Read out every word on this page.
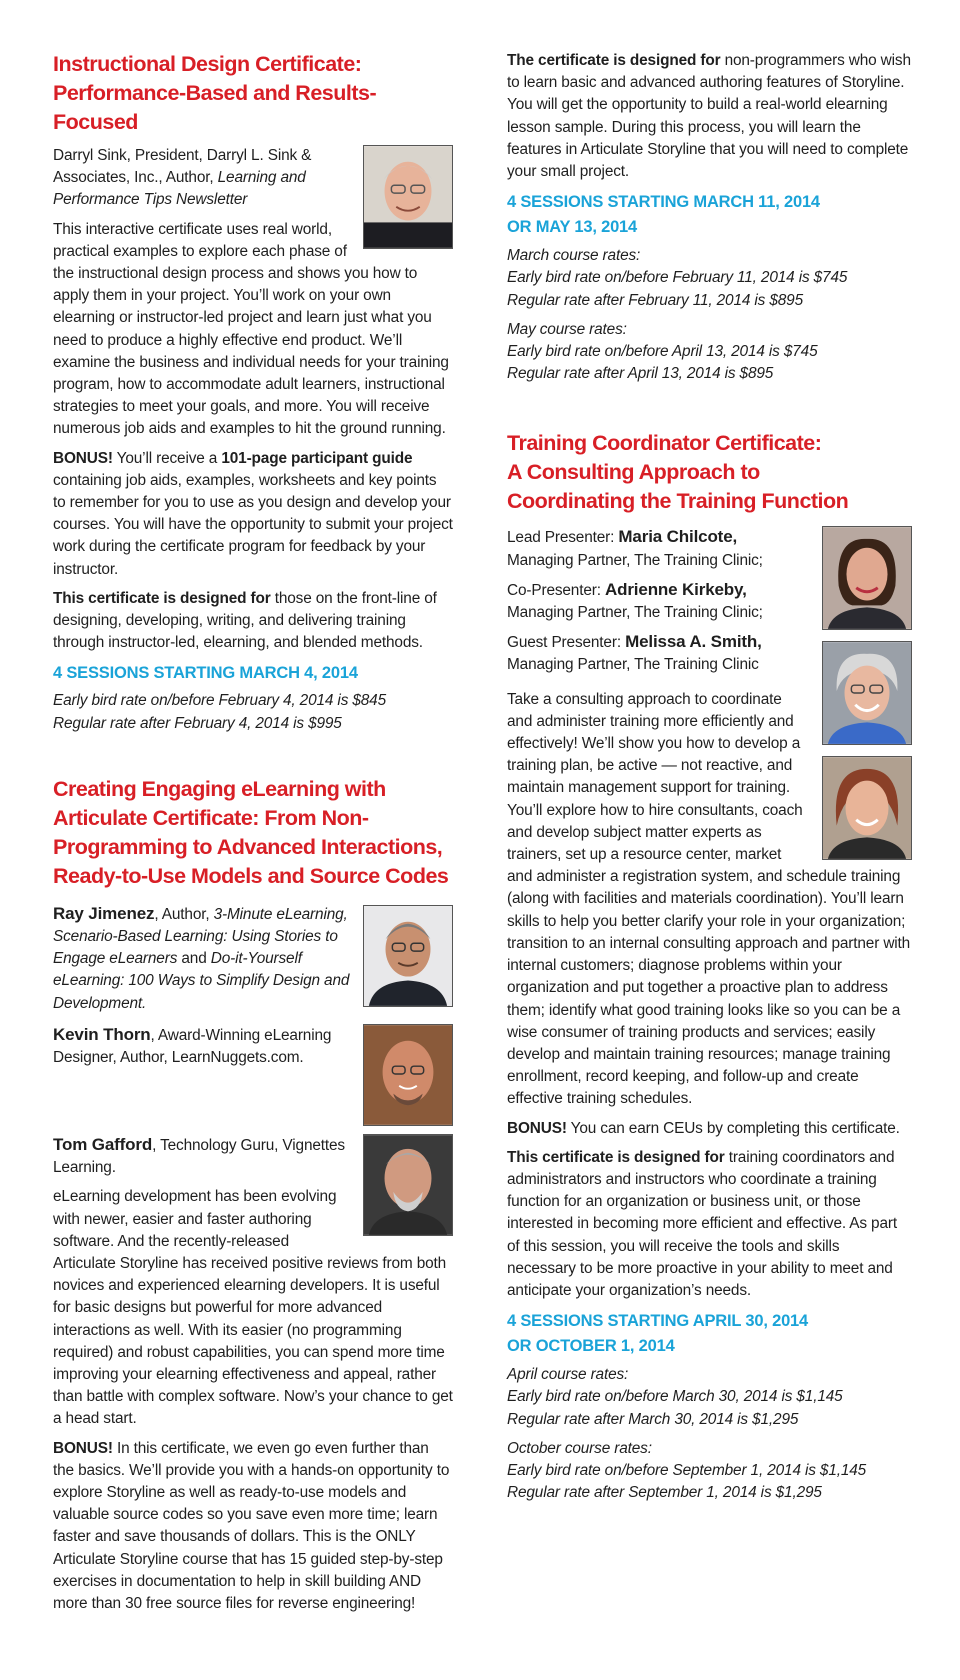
Instructional Design Certificate:
Performance-Based and Results-Focused

Darryl Sink, President, Darryl L. Sink & Associates, Inc., Author, Learning and Performance Tips Newsletter

This interactive certificate uses real world, practical examples to explore each phase of the instructional design process and shows you how to apply them in your project. You’ll work on your own elearning or instructor-led project and learn just what you need to produce a highly effective end product. We’ll examine the business and individual needs for your training program, how to accommodate adult learners, instructional strategies to meet your goals, and more. You will receive numerous job aids and examples to hit the ground running.

BONUS! You’ll receive a 101-page participant guide containing job aids, examples, worksheets and key points to remember for you to use as you design and develop your courses. You will have the opportunity to submit your project work during the certificate program for feedback by your instructor.

This certificate is designed for those on the front-line of designing, developing, writing, and delivering training through instructor-led, elearning, and blended methods.

4 SESSIONS STARTING MARCH 4, 2014
Early bird rate on/before February 4, 2014 is $845
Regular rate after February 4, 2014 is $995
Creating Engaging eLearning with
Articulate Certificate: From Non-
Programming to Advanced Interactions,
Ready-to-Use Models and Source Codes

Ray Jimenez, Author, 3-Minute eLearning, Scenario-Based Learning: Using Stories to Engage eLearners and Do-it-Yourself eLearning: 100 Ways to Simplify Design and Development.

Kevin Thorn, Award-Winning eLearning Designer, Author, LearnNuggets.com.

Tom Gafford, Technology Guru, Vignettes Learning.

eLearning development has been evolving with newer, easier and faster authoring software. And the recently-released Articulate Storyline has received positive reviews from both novices and experienced elearning developers. It is useful for basic designs but powerful for more advanced interactions as well. With its easier (no programming required) and robust capabilities, you can spend more time improving your elearning effectiveness and appeal, rather than battle with complex software. Now’s your chance to get a head start.

BONUS! In this certificate, we even go even further than the basics. We’ll provide you with a hands-on opportunity to explore Storyline as well as ready-to-use models and valuable source codes so you save even more time; learn faster and save thousands of dollars. This is the ONLY Articulate Storyline course that has 15 guided step-by-step exercises in documentation to help in skill building AND more than 30 free source files for reverse engineering!

The certificate is designed for non-programmers who wish to learn basic and advanced authoring features of Storyline. You will get the opportunity to build a real-world elearning lesson sample. During this process, you will learn the features in Articulate Storyline that you will need to complete your small project.

4 SESSIONS STARTING MARCH 11, 2014
OR MAY 13, 2014
March course rates:
Early bird rate on/before February 11, 2014 is $745
Regular rate after February 11, 2014 is $895
May course rates:
Early bird rate on/before April 13, 2014 is $745
Regular rate after April 13, 2014 is $895
Training Coordinator Certificate:
A Consulting Approach to
Coordinating the Training Function

Lead Presenter: Maria Chilcote,
Managing Partner, The Training Clinic;

Co-Presenter: Adrienne Kirkeby,
Managing Partner, The Training Clinic;

Guest Presenter: Melissa A. Smith,
Managing Partner, The Training Clinic

Take a consulting approach to coordinate and administer training more efficiently and effectively! We’ll show you how to develop a training plan, be active — not reactive, and maintain management support for training. You’ll explore how to hire consultants, coach and develop subject matter experts as trainers, set up a resource center, market and administer a registration system, and schedule training (along with facilities and materials coordination). You’ll learn skills to help you better clarify your role in your organization; transition to an internal consulting approach and partner with internal customers; diagnose problems within your organization and put together a proactive plan to address them; identify what good training looks like so you can be a wise consumer of training products and services; easily develop and maintain training resources; manage training enrollment, record keeping, and follow-up and create effective training schedules.

BONUS! You can earn CEUs by completing this certificate.

This certificate is designed for training coordinators and administrators and instructors who coordinate a training function for an organization or business unit, or those interested in becoming more efficient and effective. As part of this session, you will receive the tools and skills necessary to be more proactive in your ability to meet and anticipate your organization’s needs.

4 SESSIONS STARTING APRIL 30, 2014
OR OCTOBER 1, 2014
April course rates:
Early bird rate on/before March 30, 2014 is $1,145
Regular rate after March 30, 2014 is $1,295
October course rates:
Early bird rate on/before September 1, 2014 is $1,145
Regular rate after September 1, 2014 is $1,295
